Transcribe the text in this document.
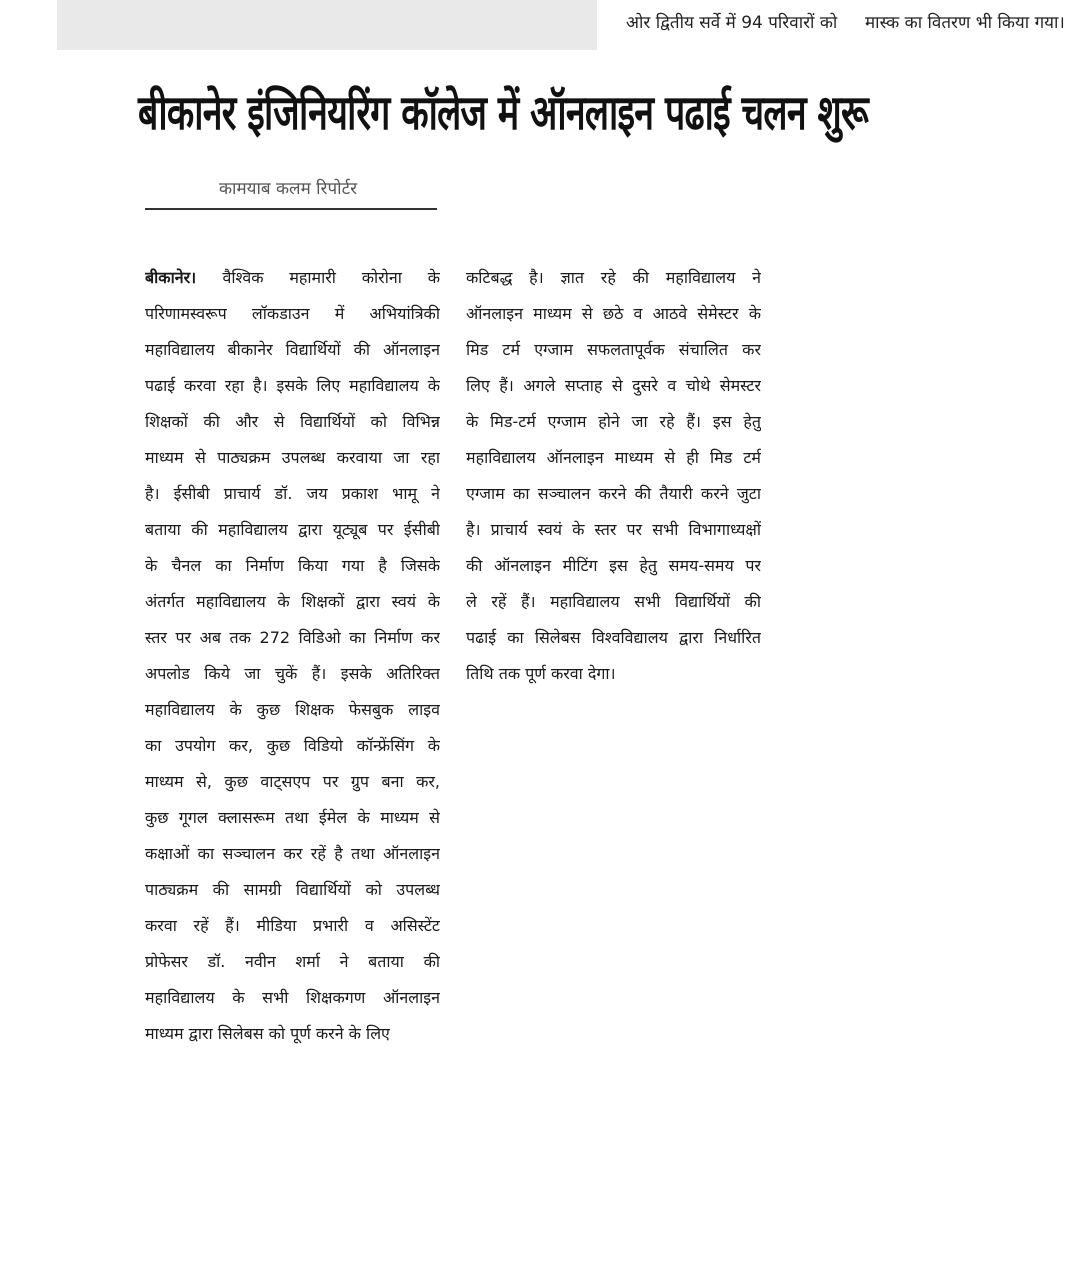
ओर द्वितीय सर्वे में 94 परिवारों को मास्क का वितरण भी किया गया।
बीकानेर इंजिनियरिंग कॉलेज में ऑनलाइन पढाई चलन शुरू
कामयाब कलम रिपोर्टर
बीकानेर। वैश्विक महामारी कोरोना के
परिणामस्वरूप लॉकडाउन में अभियांत्रिकी
महाविद्यालय बीकानेर विद्यार्थियों की ऑनलाइन
पढाई करवा रहा है। इसके लिए महाविद्यालय के
शिक्षकों की और से विद्यार्थियों को विभिन्न
माध्यम से पाठ्यक्रम उपलब्ध करवाया जा रहा
है। ईसीबी प्राचार्य डॉ. जय प्रकाश भामू ने
बताया की महाविद्यालय द्वारा यूट्यूब पर ईसीबी
के चैनल का निर्माण किया गया है जिसके
अंतर्गत महाविद्यालय के शिक्षकों द्वारा स्वयं के
स्तर पर अब तक 272 विडिओ का निर्माण कर
अपलोड किये जा चुकें हैं। इसके अतिरिक्त
महाविद्यालय के कुछ शिक्षक फेसबुक लाइव
का उपयोग कर, कुछ विडियो कॉन्फ्रेंसिंग के
माध्यम से, कुछ वाट्सएप पर ग्रुप बना कर,
कुछ गूगल क्लासरूम तथा ईमेल के माध्यम से
कक्षाओं का सञ्चालन कर रहें है तथा ऑनलाइन
पाठ्यक्रम की सामग्री विद्यार्थियों को उपलब्ध
करवा रहें हैं। मीडिया प्रभारी व असिस्टेंट
प्रोफेसर डॉ. नवीन शर्मा ने बताया की
महाविद्यालय के सभी शिक्षकगण ऑनलाइन
माध्यम द्वारा सिलेबस को पूर्ण करने के लिए
कटिबद्ध है। ज्ञात रहे की महाविद्यालय ने
ऑनलाइन माध्यम से छठे व आठवे सेमेस्टर के
मिड टर्म एग्जाम सफलतापूर्वक संचालित कर
लिए हैं। अगले सप्ताह से दुसरे व चोथे सेमस्टर
के मिड-टर्म एग्जाम होने जा रहे हैं। इस हेतु
महाविद्यालय ऑनलाइन माध्यम से ही मिड टर्म
एग्जाम का सञ्चालन करने की तैयारी करने जुटा
है। प्राचार्य स्वयं के स्तर पर सभी विभागाध्यक्षों
की ऑनलाइन मीटिंग इस हेतु समय-समय पर
ले रहें हैं। महाविद्यालय सभी विद्यार्थियों की
पढाई का सिलेबस विश्वविद्यालय द्वारा निर्धारित
तिथि तक पूर्ण करवा देगा।
